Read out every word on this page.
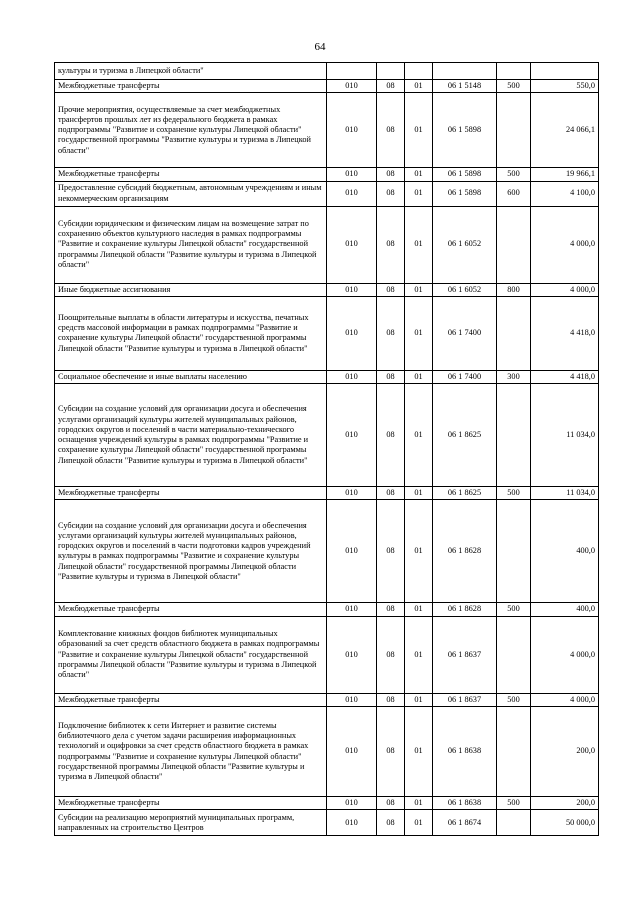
64
культуры и туризма в Липецкой области"						
Межбюджетные трансферты	010	08	01	06 1 5148	500	550,0
Прочие мероприятия, осуществляемые за счет межбюджетных трансфертов прошлых лет из федерального бюджета в рамках подпрограммы "Развитие и сохранение культуры Липецкой области" государственной программы "Развитие культуры и туризма в Липецкой области"	010	08	01	06 1 5898		24 066,1
Межбюджетные трансферты	010	08	01	06 1 5898	500	19 966,1
Предоставление субсидий бюджетным, автономным учреждениям и иным некоммерческим организациям	010	08	01	06 1 5898	600	4 100,0
Субсидии юридическим и физическим лицам на возмещение затрат по сохранению объектов культурного наследия в рамках подпрограммы "Развитие и сохранение культуры Липецкой области" государственной программы Липецкой области "Развитие культуры и туризма в Липецкой области"	010	08	01	06 1 6052		4 000,0
Иные бюджетные ассигнования	010	08	01	06 1 6052	800	4 000,0
Поощрительные выплаты в области литературы и искусства, печатных средств массовой информации в рамках подпрограммы "Развитие и сохранение культуры Липецкой области" государственной программы Липецкой области "Развитие культуры и туризма в Липецкой области"	010	08	01	06 1 7400		4 418,0
Социальное обеспечение и иные выплаты населению	010	08	01	06 1 7400	300	4 418,0
Субсидии на создание условий для организации досуга и обеспечения услугами организаций культуры жителей муниципальных районов, городских округов и поселений в части материально-технического оснащения учреждений культуры в рамках подпрограммы "Развитие и сохранение культуры Липецкой области" государственной программы Липецкой области "Развитие культуры и туризма в Липецкой области"	010	08	01	06 1 8625		11 034,0
Межбюджетные трансферты	010	08	01	06 1 8625	500	11 034,0
Субсидии на создание условий для организации досуга и обеспечения услугами организаций культуры жителей муниципальных районов, городских округов и поселений в части подготовки кадров учреждений культуры в рамках подпрограммы "Развитие и сохранение культуры Липецкой области" государственной программы Липецкой области "Развитие культуры и туризма в Липецкой области"	010	08	01	06 1 8628		400,0
Межбюджетные трансферты	010	08	01	06 1 8628	500	400,0
Комплектование книжных фондов библиотек муниципальных образований за счет средств областного бюджета в рамках подпрограммы "Развитие и сохранение культуры Липецкой области" государственной программы Липецкой области "Развитие культуры и туризма в Липецкой области"	010	08	01	06 1 8637		4 000,0
Межбюджетные трансферты	010	08	01	06 1 8637	500	4 000,0
Подключение библиотек к сети Интернет и развитие системы библиотечного дела с учетом задачи расширения информационных технологий и оцифровки за счет средств областного бюджета в рамках подпрограммы "Развитие и сохранение культуры Липецкой области" государственной программы Липецкой области "Развитие культуры и туризма в Липецкой области"	010	08	01	06 1 8638		200,0
Межбюджетные трансферты	010	08	01	06 1 8638	500	200,0
Субсидии на реализацию мероприятий муниципальных программ, направленных на строительство Центров	010	08	01	06 1 8674		50 000,0
